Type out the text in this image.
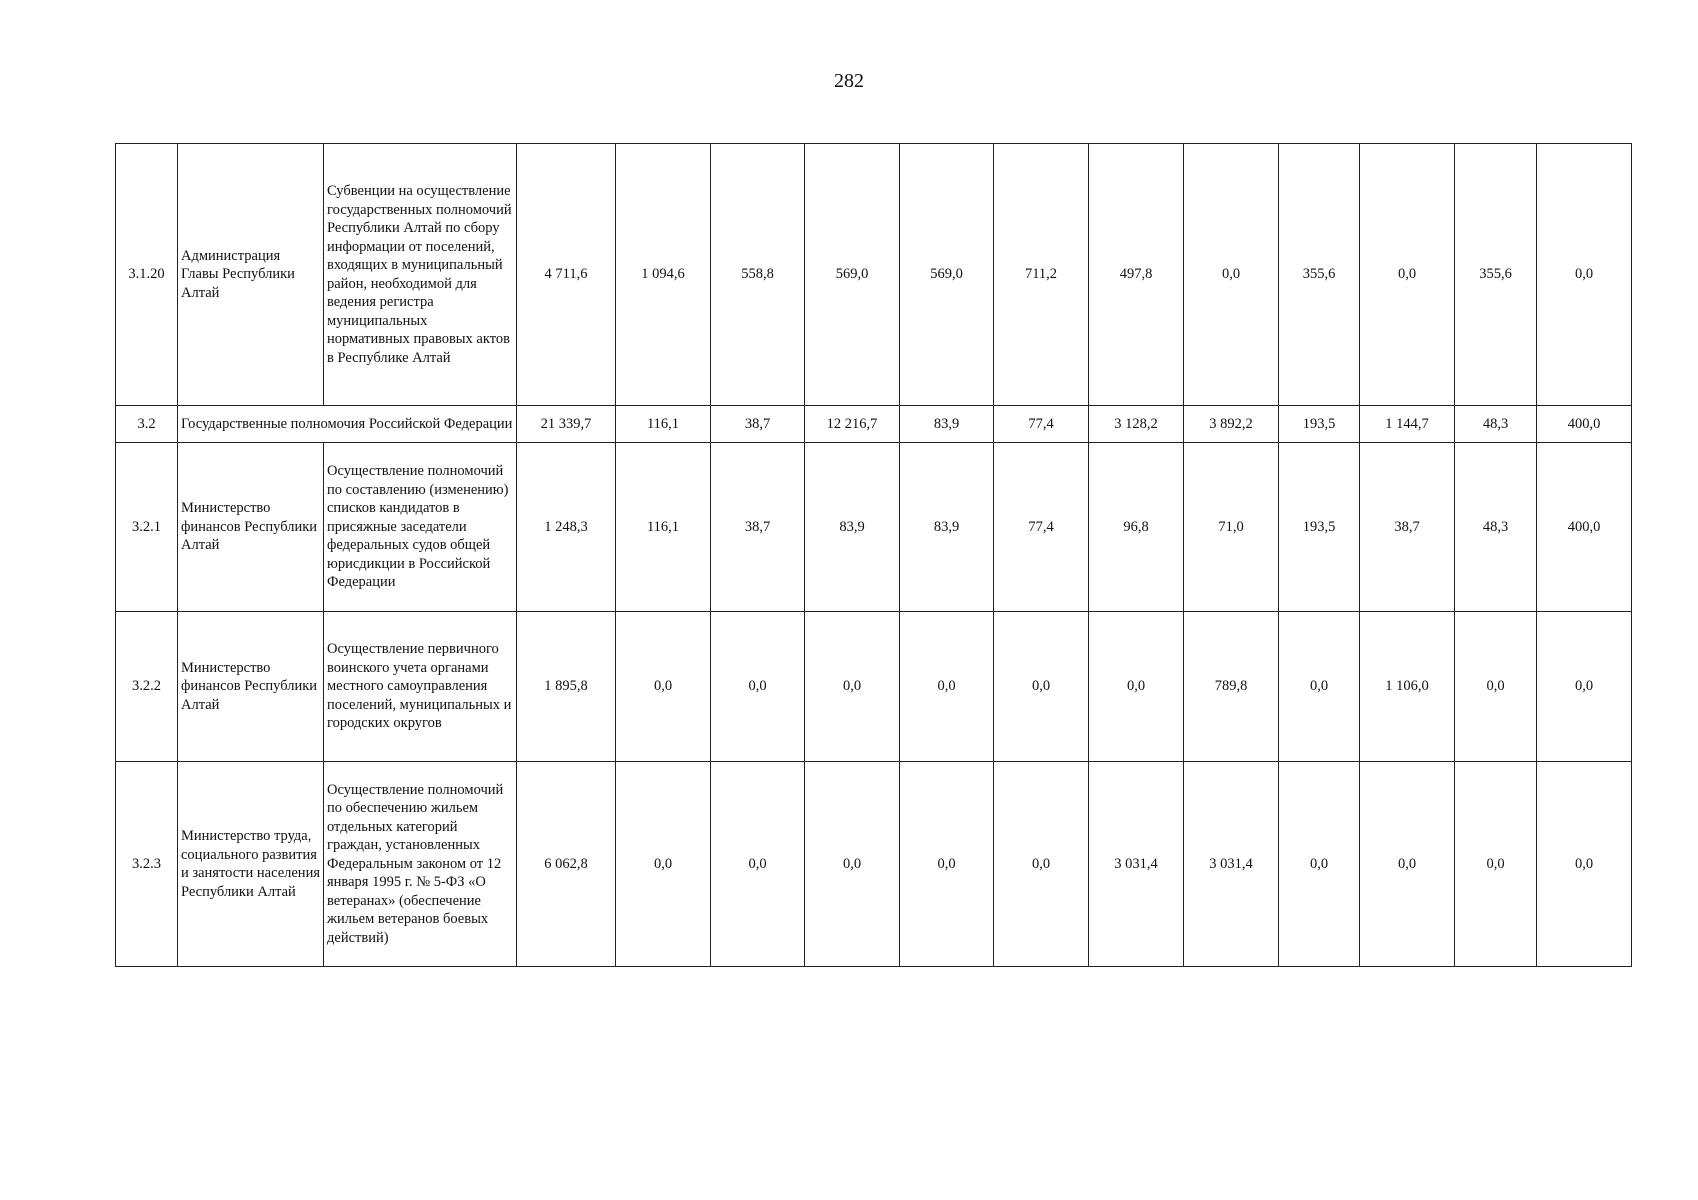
282
3.1.20	Администрация Главы Республики Алтай	Субвенции на осуществление государственных полномочий Республики Алтай по сбору информации от поселений, входящих в муниципальный район, необходимой для ведения регистра муниципальных нормативных правовых актов в Республике Алтай	4 711,6	1 094,6	558,8	569,0	569,0	711,2	497,8	0,0	355,6	0,0	355,6	0,0
3.2	Государственные полномочия Российской Федерации		21 339,7	116,1	38,7	12 216,7	83,9	77,4	3 128,2	3 892,2	193,5	1 144,7	48,3	400,0
3.2.1	Министерство финансов Республики Алтай	Осуществление полномочий по составлению (изменению) списков кандидатов в присяжные заседатели федеральных судов общей юрисдикции в Российской Федерации	1 248,3	116,1	38,7	83,9	83,9	77,4	96,8	71,0	193,5	38,7	48,3	400,0
3.2.2	Министерство финансов Республики Алтай	Осуществление первичного воинского учета органами местного самоуправления поселений, муниципальных и городских округов	1 895,8	0,0	0,0	0,0	0,0	0,0	0,0	789,8	0,0	1 106,0	0,0	0,0
3.2.3	Министерство труда, социального развития и занятости населения Республики Алтай	Осуществление полномочий по обеспечению жильем отдельных категорий граждан, установленных Федеральным законом от 12 января 1995 г. № 5-ФЗ «О ветеранах» (обеспечение жильем ветеранов боевых действий)	6 062,8	0,0	0,0	0,0	0,0	0,0	3 031,4	3 031,4	0,0	0,0	0,0	0,0
